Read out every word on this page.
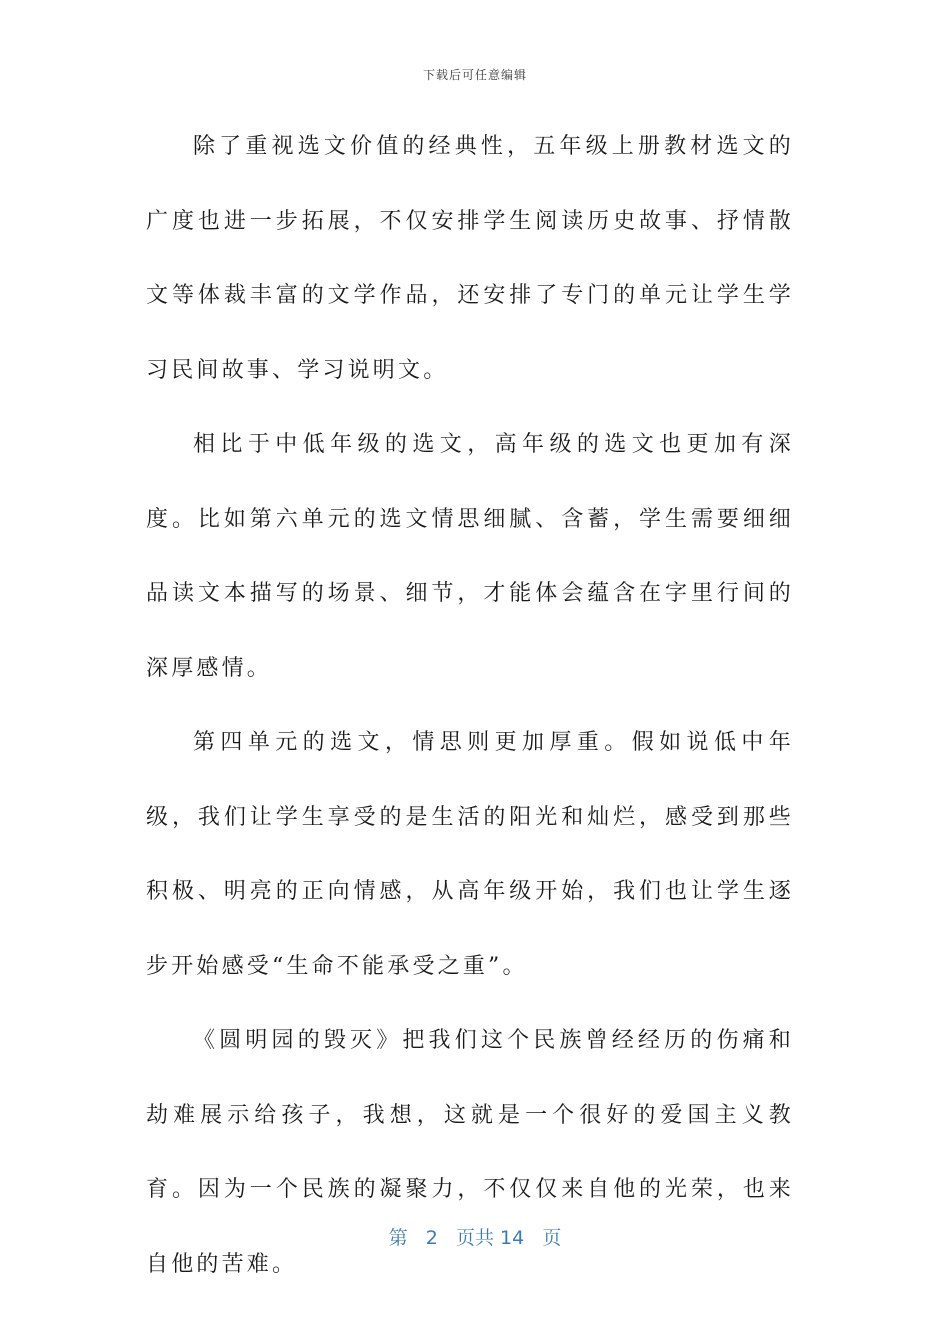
下载后可任意编辑

除了重视选文价值的经典性，五年级上册教材选文的广度也进一步拓展，不仅安排学生阅读历史故事、抒情散文等体裁丰富的文学作品，还安排了专门的单元让学生学习民间故事、学习说明文。

相比于中低年级的选文，高年级的选文也更加有深度。比如第六单元的选文情思细腻、含蓄，学生需要细细品读文本描写的场景、细节，才能体会蕴含在字里行间的深厚感情。

第四单元的选文，情思则更加厚重。假如说低中年级，我们让学生享受的是生活的阳光和灿烂，感受到那些积极、明亮的正向情感，从高年级开始，我们也让学生逐步开始感受“生命不能承受之重”。

《圆明园的毁灭》把我们这个民族曾经经历的伤痛和劫难展示给孩子，我想，这就是一个很好的爱国主义教育。因为一个民族的凝聚力，不仅仅来自他的光荣，也来自他的苦难。

第 2 页共 14 页
